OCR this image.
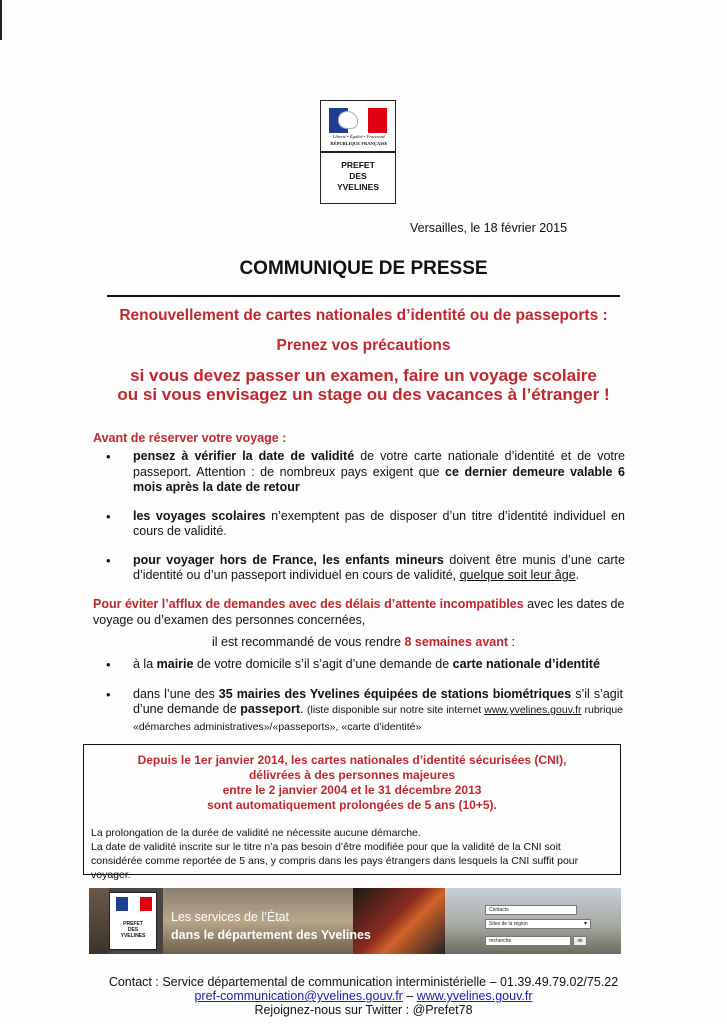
Liberté • Égalité • Fraternité
RÉPUBLIQUE FRANÇAISE
PREFET
DES
YVELINES
Versailles, le 18 février 2015
COMMUNIQUE DE PRESSE
Renouvellement de cartes nationales d’identité ou de passeports :
Prenez vos précautions
si vous devez passer un examen, faire un voyage scolaire
ou si vous envisagez un stage ou des vacances à l’étranger !
Avant de réserver votre voyage :
• pensez à vérifier la date de validité de votre carte nationale d’identité et de votre passeport. Attention : de nombreux pays exigent que ce dernier demeure valable 6 mois après la date de retour
• les voyages scolaires n’exemptent pas de disposer d’un titre d’identité individuel en cours de validité.
• pour voyager hors de France, les enfants mineurs doivent être munis d’une carte d’identité ou d’un passeport individuel en cours de validité, quelque soit leur âge.
Pour éviter l’afflux de demandes avec des délais d’attente incompatibles avec les dates de voyage ou d’examen des personnes concernées,
il est recommandé de vous rendre 8 semaines avant :
• à la mairie de votre domicile s’il s’agit d’une demande de carte nationale d’identité
• dans l’une des 35 mairies des Yvelines équipées de stations biométriques s’il s’agit d’une demande de passeport. (liste disponible sur notre site internet www.yvelines.gouv.fr rubrique «démarches administratives»/«passeports», «carte d’identité»
Depuis le 1er janvier 2014, les cartes nationales d’identité sécurisées (CNI),
délivrées à des personnes majeures
entre le 2 janvier 2004 et le 31 décembre 2013
sont automatiquement prolongées de 5 ans (10+5).
La prolongation de la durée de validité ne nécessite aucune démarche.
La date de validité inscrite sur le titre n’a pas besoin d’être modifiée pour que la validité de la CNI soit considérée comme reportée de 5 ans, y compris dans les pays étrangers dans lesquels la CNI suffit pour voyager.
PREFET
DES
YVELINES
Les services de l’État
dans le département des Yvelines
Contacts
Sites de la région	▾
recherche	ok
Contact : Service départemental de communication interministérielle – 01.39.49.79.02/75.22
pref-communication@yvelines.gouv.fr – www.yvelines.gouv.fr
Rejoignez-nous sur Twitter : @Prefet78
